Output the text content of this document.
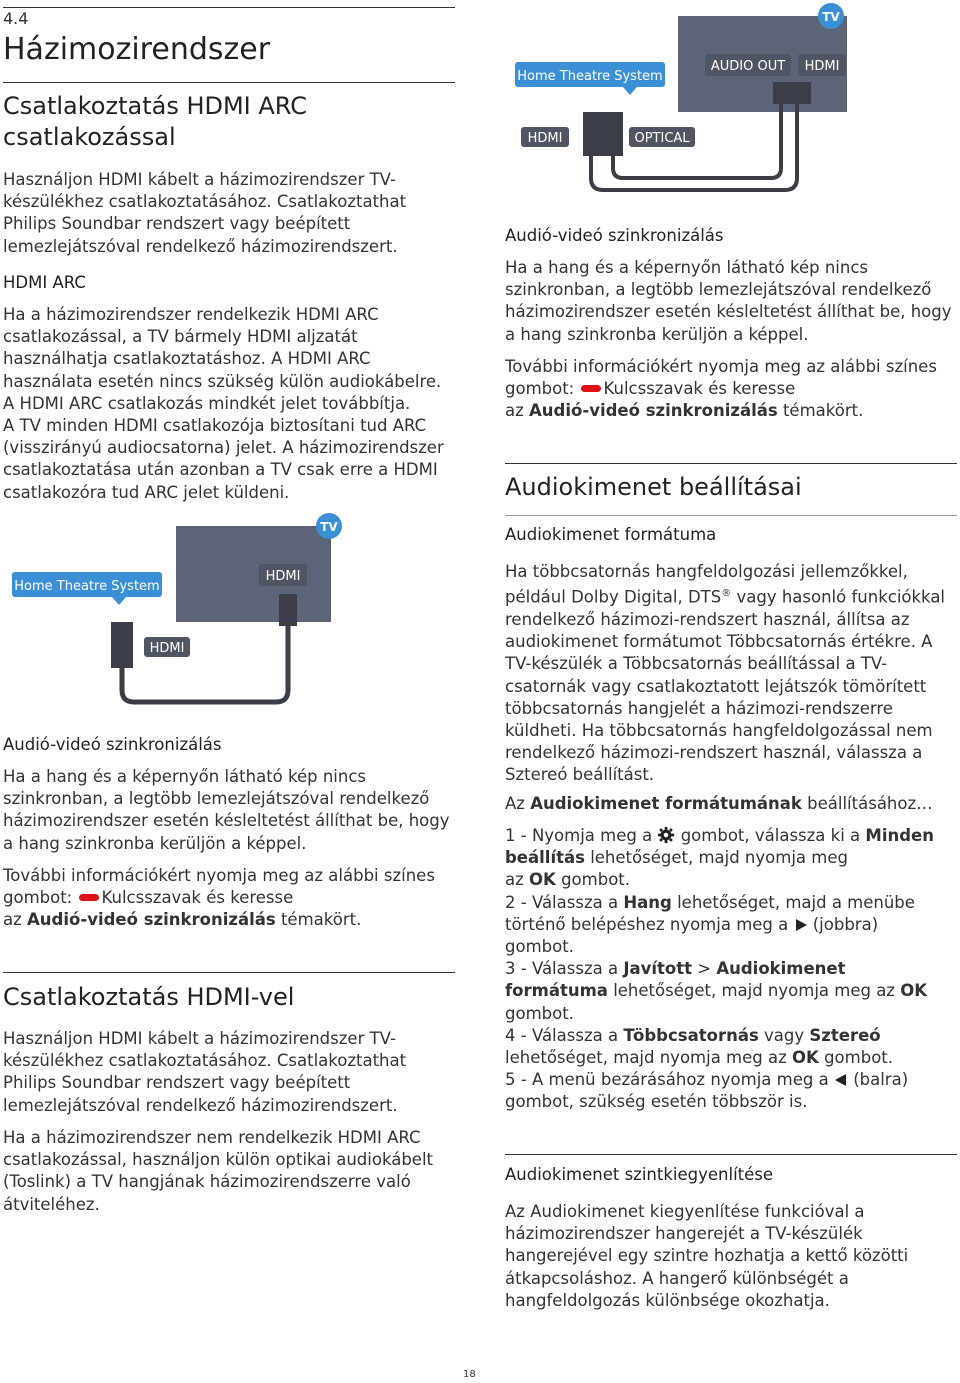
4.4
Házimozirendszer
Csatlakoztatás HDMI ARC
csatlakozással
Használjon HDMI kábelt a házimozirendszer TV-
készülékhez csatlakoztatásához. Csatlakoztathat
Philips Soundbar rendszert vagy beépített
lemezlejátszóval rendelkező házimozirendszert.
HDMI ARC
Ha a házimozirendszer rendelkezik HDMI ARC
csatlakozással, a TV bármely HDMI aljzatát
használhatja csatlakoztatáshoz. A HDMI ARC
használata esetén nincs szükség külön audiokábelre.
A HDMI ARC csatlakozás mindkét jelet továbbítja.
A TV minden HDMI csatlakozója biztosítani tud ARC
(visszirányú audiocsatorna) jelet. A házimozirendszer
csatlakoztatása után azonban a TV csak erre a HDMI
csatlakozóra tud ARC jelet küldeni.
TV
Home Theatre System
HDMI
HDMI
Audió-videó szinkronizálás
Ha a hang és a képernyőn látható kép nincs
szinkronban, a legtöbb lemezlejátszóval rendelkező
házimozirendszer esetén késleltetést állíthat be, hogy
a hang szinkronba kerüljön a képpel.
További információkért nyomja meg az alábbi színes
gombot: Kulcsszavak és keresse
az Audió-videó szinkronizálás témakört.
Csatlakoztatás HDMI-vel
Használjon HDMI kábelt a házimozirendszer TV-
készülékhez csatlakoztatásához. Csatlakoztathat
Philips Soundbar rendszert vagy beépített
lemezlejátszóval rendelkező házimozirendszert.
Ha a házimozirendszer nem rendelkezik HDMI ARC
csatlakozással, használjon külön optikai audiokábelt
(Toslink) a TV hangjának házimozirendszerre való
átviteléhez.
TV
Home Theatre System
AUDIO OUT HDMI
HDMI	OPTICAL
Audió-videó szinkronizálás
Ha a hang és a képernyőn látható kép nincs
szinkronban, a legtöbb lemezlejátszóval rendelkező
házimozirendszer esetén késleltetést állíthat be, hogy
a hang szinkronba kerüljön a képpel.
További információkért nyomja meg az alábbi színes
gombot: Kulcsszavak és keresse
az Audió-videó szinkronizálás témakört.
Audiokimenet beállításai
Audiokimenet formátuma
Ha többcsatornás hangfeldolgozási jellemzőkkel,
például Dolby Digital, DTS® vagy hasonló funkciókkal
rendelkező házimozi-rendszert használ, állítsa az
audiokimenet formátumot Többcsatornás értékre. A
TV-készülék a Többcsatornás beállítással a TV-
csatornák vagy csatlakoztatott lejátszók tömörített
többcsatornás hangjelét a házimozi-rendszerre
küldheti. Ha többcsatornás hangfeldolgozással nem
rendelkező házimozi-rendszert használ, válassza a
Sztereó beállítást.
Az Audiokimenet formátumának beállításához…
1 - Nyomja meg a  gombot, válassza ki a Minden
beállítás lehetőséget, majd nyomja meg
az OK gombot.
2 - Válassza a Hang lehetőséget, majd a menübe
történő belépéshez nyomja meg a  (jobbra)
gombot.
3 - Válassza a Javított > Audiokimenet
formátuma lehetőséget, majd nyomja meg az OK
gombot.
4 - Válassza a Többcsatornás vagy Sztereó
lehetőséget, majd nyomja meg az OK gombot.
5 - A menü bezárásához nyomja meg a  (balra)
gombot, szükség esetén többször is.
Audiokimenet szintkiegyenlítése
Az Audiokimenet kiegyenlítése funkcióval a
házimozirendszer hangerejét a TV-készülék
hangerejével egy szintre hozhatja a kettő közötti
átkapcsoláshoz. A hangerő különbségét a
hangfeldolgozás különbsége okozhatja.
18
